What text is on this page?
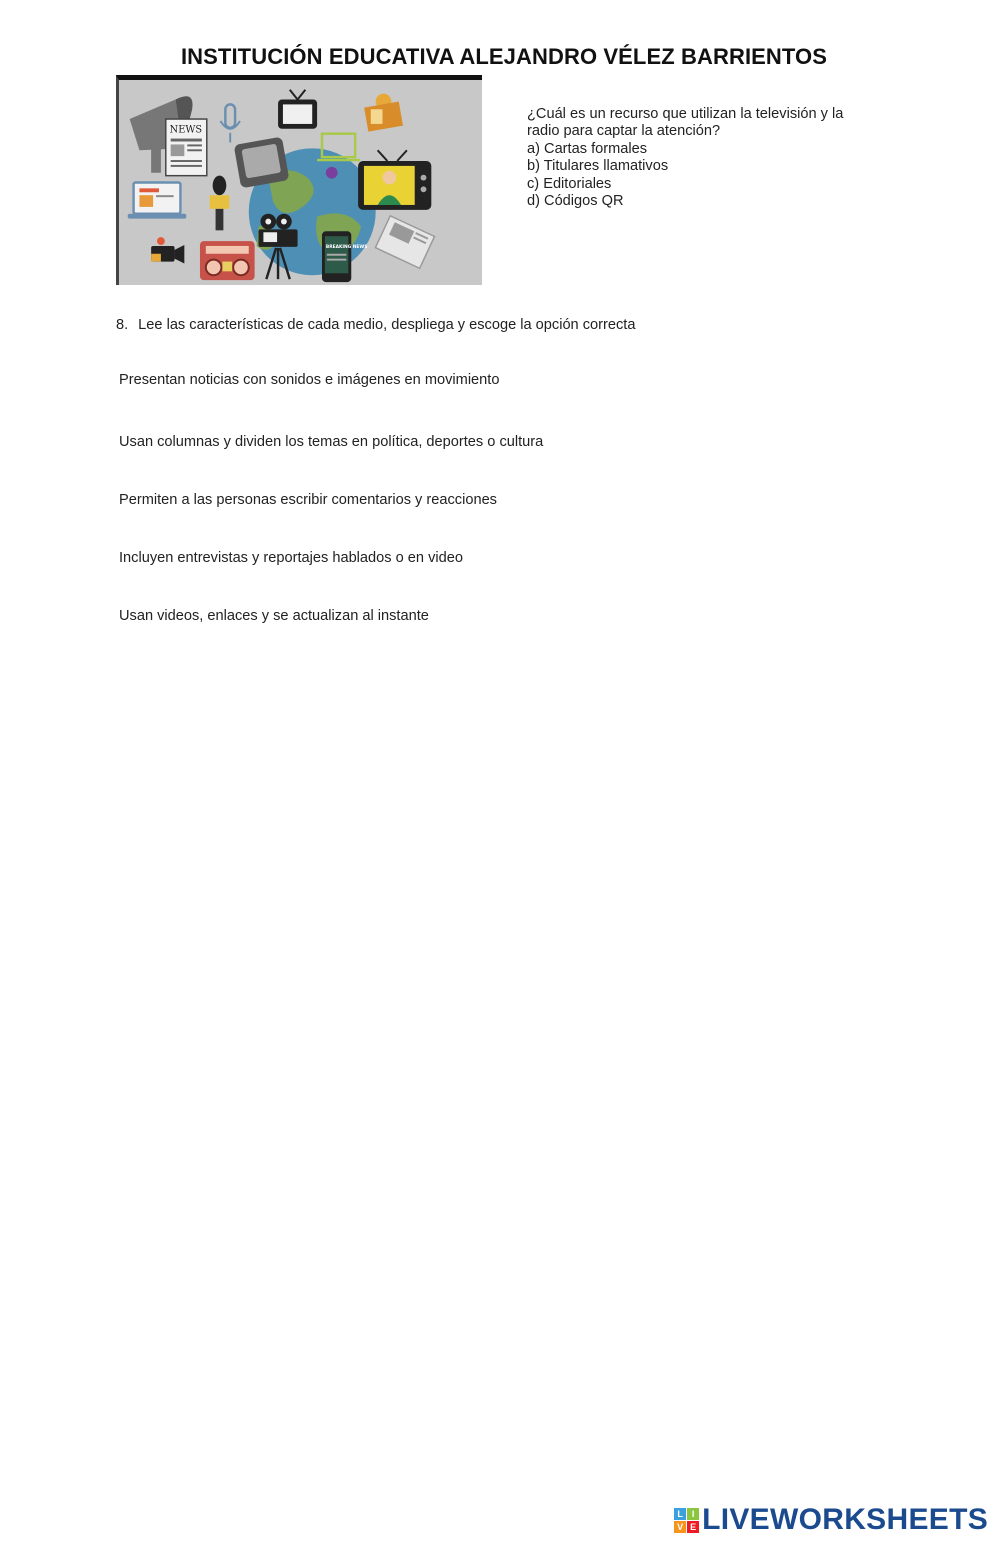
INSTITUCIÓN EDUCATIVA ALEJANDRO VÉLEZ BARRIENTOS
NEWS
BREAKING NEWS
¿Cuál es un recurso que utilizan la televisión y la
radio para captar la atención?
a) Cartas formales
b) Titulares llamativos
c) Editoriales
d) Códigos QR
8. Lee las características de cada medio, despliega y escoge la opción correcta
Presentan noticias con sonidos e imágenes en movimiento
Usan columnas y dividen los temas en política, deportes o cultura
Permiten a las personas escribir comentarios y reacciones
Incluyen entrevistas y reportajes hablados o en video
Usan videos, enlaces y se actualizan al instante
L I
V E LIVEWORKSHEETS
